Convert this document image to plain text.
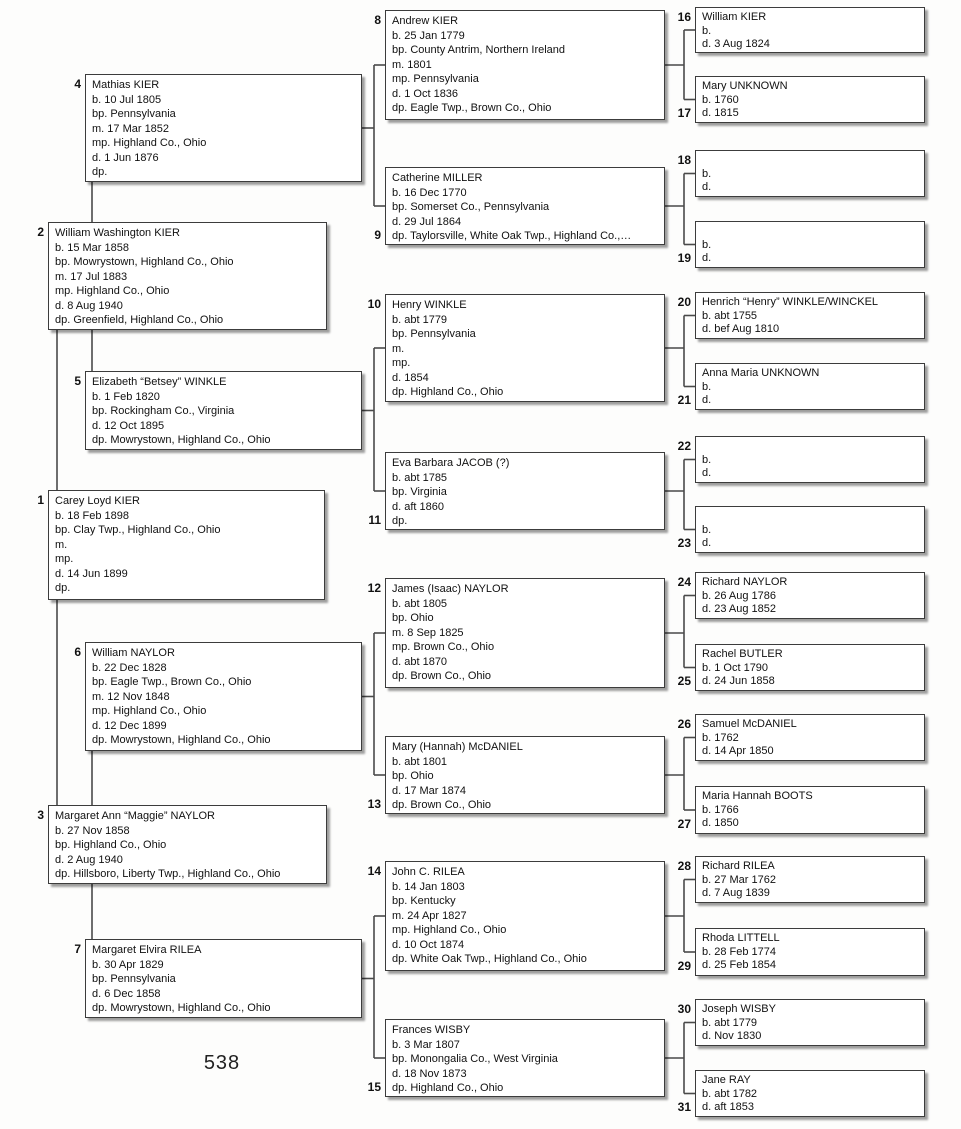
Carey Loyd KIER
b. 18 Feb 1898
bp. Clay Twp., Highland Co., Ohio
m.
mp.
d. 14 Jun 1899
dp.
1
William Washington KIER
b. 15 Mar 1858
bp. Mowrystown, Highland Co., Ohio
m. 17 Jul 1883
mp. Highland Co., Ohio
d. 8 Aug 1940
dp. Greenfield, Highland Co., Ohio
2
Margaret Ann “Maggie” NAYLOR
b. 27 Nov 1858
bp. Highland Co., Ohio
d. 2 Aug 1940
dp. Hillsboro, Liberty Twp., Highland Co., Ohio
3
Mathias KIER
b. 10 Jul 1805
bp. Pennsylvania
m. 17 Mar 1852
mp. Highland Co., Ohio
d. 1 Jun 1876
dp.
4
Elizabeth “Betsey” WINKLE
b. 1 Feb 1820
bp. Rockingham Co., Virginia
d. 12 Oct 1895
dp. Mowrystown, Highland Co., Ohio
5
William NAYLOR
b. 22 Dec 1828
bp. Eagle Twp., Brown Co., Ohio
m. 12 Nov 1848
mp. Highland Co., Ohio
d. 12 Dec 1899
dp. Mowrystown, Highland Co., Ohio
6
Margaret Elvira RILEA
b. 30 Apr 1829
bp. Pennsylvania
d. 6 Dec 1858
dp. Mowrystown, Highland Co., Ohio
7
Andrew KIER
b. 25 Jan 1779
bp. County Antrim, Northern Ireland
m. 1801
mp. Pennsylvania
d. 1 Oct 1836
dp. Eagle Twp., Brown Co., Ohio
8
Catherine MILLER
b. 16 Dec 1770
bp. Somerset Co., Pennsylvania
d. 29 Jul 1864
dp. Taylorsville, White Oak Twp., Highland Co.,…
9
Henry WINKLE
b. abt 1779
bp. Pennsylvania
m.
mp.
d. 1854
dp. Highland Co., Ohio
10
Eva Barbara JACOB (?)
b. abt 1785
bp. Virginia
d. aft 1860
dp.
11
James (Isaac) NAYLOR
b. abt 1805
bp. Ohio
m. 8 Sep 1825
mp. Brown Co., Ohio
d. abt 1870
dp. Brown Co., Ohio
12
Mary (Hannah) McDANIEL
b. abt 1801
bp. Ohio
d. 17 Mar 1874
dp. Brown Co., Ohio
13
John C. RILEA
b. 14 Jan 1803
bp. Kentucky
m. 24 Apr 1827
mp. Highland Co., Ohio
d. 10 Oct 1874
dp. White Oak Twp., Highland Co., Ohio
14
Frances WISBY
b. 3 Mar 1807
bp. Monongalia Co., West Virginia
d. 18 Nov 1873
dp. Highland Co., Ohio
15
William KIER
b.
d. 3 Aug 1824
16
Mary UNKNOWN
b. 1760
d. 1815
17
b.
d.
18
b.
d.
19
Henrich “Henry” WINKLE/WINCKEL
b. abt 1755
d. bef Aug 1810
20
Anna Maria UNKNOWN
b.
d.
21
b.
d.
22
b.
d.
23
Richard NAYLOR
b. 26 Aug 1786
d. 23 Aug 1852
24
Rachel BUTLER
b. 1 Oct 1790
d. 24 Jun 1858
25
Samuel McDANIEL
b. 1762
d. 14 Apr 1850
26
Maria Hannah BOOTS
b. 1766
d. 1850
27
Richard RILEA
b. 27 Mar 1762
d. 7 Aug 1839
28
Rhoda LITTELL
b. 28 Feb 1774
d. 25 Feb 1854
29
Joseph WISBY
b. abt 1779
d. Nov 1830
30
Jane RAY
b. abt 1782
d. aft 1853
31
538
